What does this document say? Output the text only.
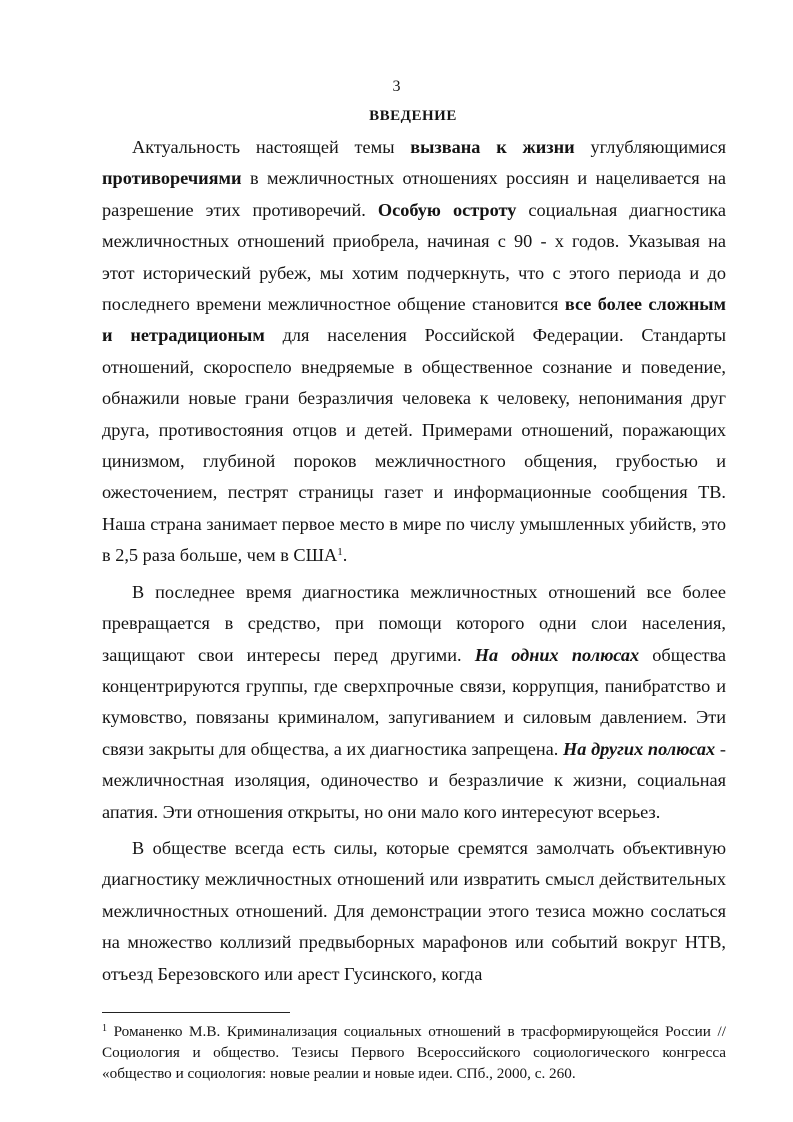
3
ВВЕДЕНИЕ

Актуальность настоящей темы вызвана к жизни углубляющимися противоречиями в межличностных отношениях россиян и нацеливается на разрешение этих противоречий. Особую остроту социальная диагностика межличностных отношений приобрела, начиная с 90 - х годов. Указывая на этот исторический рубеж, мы хотим подчеркнуть, что с этого периода и до последнего времени межличностное общение становится все более сложным и нетрадиционым для населения Российской Федерации. Стандарты отношений, скороспело внедряемые в общественное сознание и поведение, обнажили новые грани безразличия человека к человеку, непонимания друг друга, противостояния отцов и детей. Примерами отношений, поражающих цинизмом, глубиной пороков межличностного общения, грубостью и ожесточением, пестрят страницы газет и информационные сообщения ТВ. Наша страна занимает первое место в мире по числу умышленных убийств, это в 2,5 раза больше, чем в США$^1$.

В последнее время диагностика межличностных отношений все более превращается в средство, при помощи которого одни слои населения, защищают свои интересы перед другими. На одних полюсах общества концентрируются группы, где сверхпрочные связи, коррупция, панибратство и кумовство, повязаны криминалом, запугиванием и силовым давлением. Эти связи закрыты для общества, а их диагностика запрещена. На других полюсах - межличностная изоляция, одиночество и безразличие к жизни, социальная апатия. Эти отношения открыты, но они мало кого интересуют всерьез.

В обществе всегда есть силы, которые сремятся замолчать объективную диагностику межличностных отношений или извратить смысл действительных межличностных отношений. Для демонстрации этого тезиса можно сослаться на множество коллизий предвыборных марафонов или событий вокруг НТВ, отъезд Березовского или арест Гусинского, когда

$^1$ Романенко М.В. Криминализация социальных отношений в трасформирующейся России // Социология и общество. Тезисы Первого Всероссийского социологического конгресса «общество и социология: новые реалии и новые идеи. СПб., 2000, с. 260.
